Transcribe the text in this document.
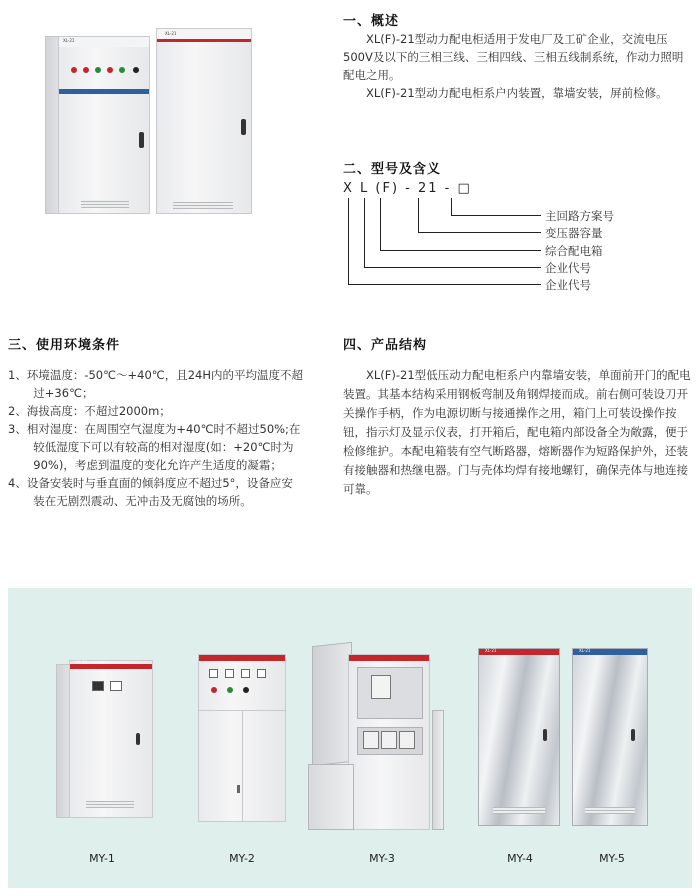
XL-21
XL-21
一、概述
XL(F)-21型动力配电柜适用于发电厂及工矿企业，交流电压500V及以下的三相三线、三相四线、三相五线制系统，作动力照明配电之用。
XL(F)-21型动力配电柜系户内装置，靠墙安装，屏前检修。
二、型号及含义
X L (F) - 21 - □
主回路方案号
变压器容量
综合配电箱
企业代号
企业代号
三、使用环境条件
1、环境温度：-50℃～+40℃，且24H内的平均温度不超过+36℃；
2、海拔高度：不超过2000m；
3、相对湿度：在周围空气湿度为+40℃时不超过50%;在较低湿度下可以有较高的相对湿度(如：+20℃时为90%)，考虑到温度的变化允许产生适度的凝霜；
4、设备安装时与垂直面的倾斜度应不超过5°，设备应安装在无剧烈震动、无冲击及无腐蚀的场所。
四、产品结构
XL(F)-21型低压动力配电柜系户内靠墙安装，单面前开门的配电装置。其基本结构采用钢板弯制及角钢焊接而成。前右侧可装设刀开关操作手柄，作为电源切断与接通操作之用，箱门上可装设操作按钮，指示灯及显示仪表，打开箱后，配电箱内部设备全为敞露，便于检修维护。本配电箱装有空气断路器，熔断器作为短路保护外，还装有接触器和热继电器。门与壳体均焊有接地螺钉，确保壳体与地连接可靠。
XL-21
MY-1	MY-2	MY-3
XL-21
MY-4
XL-21
MY-5
